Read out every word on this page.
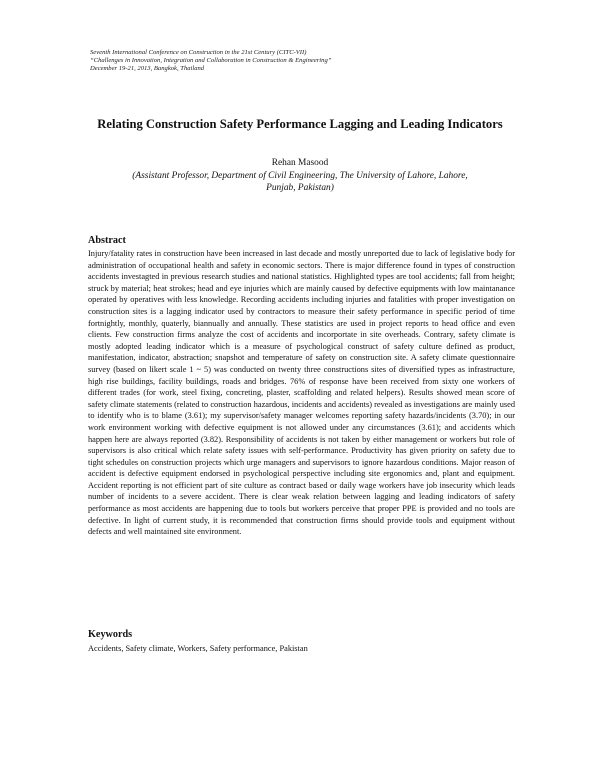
Seventh International Conference on Construction in the 21st Century (CITC-VII)
“Challenges in Innovation, Integration and Collaboration in Construction & Engineering”
December 19-21, 2013, Bangkok, Thailand
Relating Construction Safety Performance Lagging and Leading Indicators
Rehan Masood
(Assistant Professor, Department of Civil Engineering, The University of Lahore, Lahore, Punjab, Pakistan)
Abstract
Injury/fatality rates in construction have been increased in last decade and mostly unreported due to lack of legislative body for administration of occupational health and safety in economic sectors. There is major difference found in types of construction accidents investagted in previous research studies and national statistics. Highlighted types are tool accidents; fall from height; struck by material; heat strokes; head and eye injuries which are mainly caused by defective equipments with low maintanance operated by operatives with less knowledge. Recording accidents including injuries and fatalities with proper investigation on construction sites is a lagging indicator used by contractors to measure their safety performance in specific period of time fortnightly, monthly, quaterly, biannually and annually. These statistics are used in project reports to head office and even clients. Few construction firms analyze the cost of accidents and incorportate in site overheads. Contrary, safety climate is mostly adopted leading indicator which is a measure of psychological construct of safety culture defined as product, manifestation, indicator, abstraction; snapshot and temperature of safety on construction site. A safety climate questionnaire survey (based on likert scale 1 ~ 5) was conducted on twenty three constructions sites of diversified types as infrastructure, high rise buildings, facility buildings, roads and bridges. 76% of response have been received from sixty one workers of different trades (for work, steel fixing, concreting, plaster, scaffolding and related helpers). Results showed mean score of safety climate statements (related to construction hazardous, incidents and accidents) revealed as investigations are mainly used to identify who is to blame (3.61); my supervisor/safety manager welcomes reporting safety hazards/incidents (3.70); in our work environment working with defective equipment is not allowed under any circumstances (3.61); and accidents which happen here are always reported (3.82). Responsibility of accidents is not taken by either management or workers but role of supervisors is also critical which relate safety issues with self-performance. Productivity has given priority on safety due to tight schedules on construction projects which urge managers and supervisors to ignore hazardous conditions. Major reason of accident is defective equipment endorsed in psychological perspective including site ergonomics and, plant and equipment. Accident reporting is not efficient part of site culture as contract based or daily wage workers have job insecurity which leads number of incidents to a severe accident. There is clear weak relation between lagging and leading indicators of safety performance as most accidents are happening due to tools but workers perceive that proper PPE is provided and no tools are defective. In light of current study, it is recommended that construction firms should provide tools and equipment without defects and well maintained site environment.
Keywords
Accidents, Safety climate, Workers, Safety performance, Pakistan
